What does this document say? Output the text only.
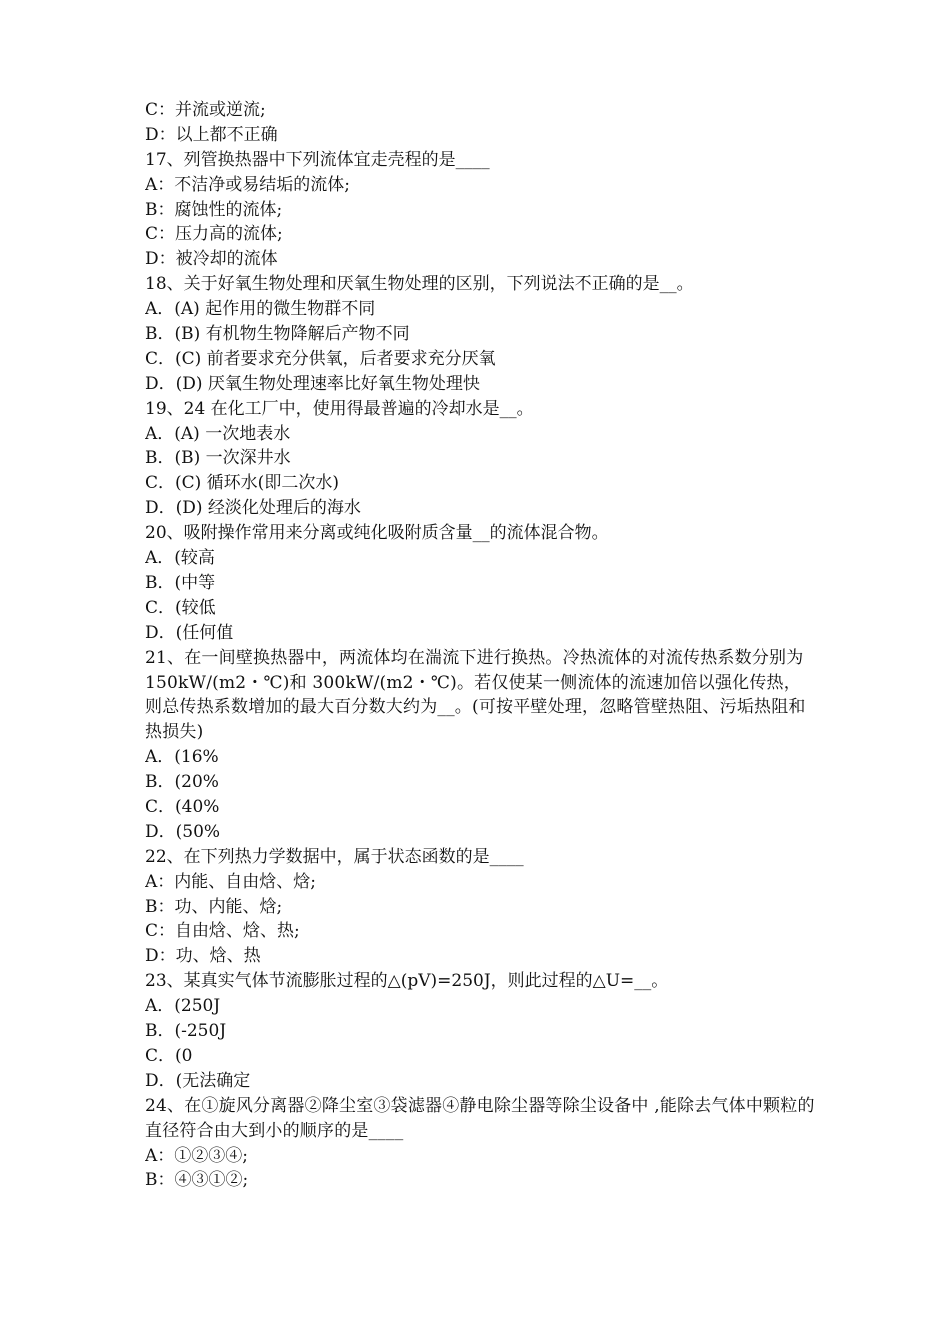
C：并流或逆流;
D：以上都不正确
17、列管换热器中下列流体宜走壳程的是____
A：不洁净或易结垢的流体;
B：腐蚀性的流体;
C：压力高的流体;
D：被冷却的流体
18、关于好氧生物处理和厌氧生物处理的区别，下列说法不正确的是__。
A．(A) 起作用的微生物群不同
B．(B) 有机物生物降解后产物不同
C．(C) 前者要求充分供氧，后者要求充分厌氧
D．(D) 厌氧生物处理速率比好氧生物处理快
19、24 在化工厂中，使用得最普遍的冷却水是__。
A．(A) 一次地表水
B．(B) 一次深井水
C．(C) 循环水(即二次水)
D．(D) 经淡化处理后的海水
20、吸附操作常用来分离或纯化吸附质含量__的流体混合物。
A．(较高
B．(中等
C．(较低
D．(任何值
21、在一间壁换热器中，两流体均在湍流下进行换热。冷热流体的对流传热系数分别为 150kW/(m2・℃)和 300kW/(m2・℃)。若仅使某一侧流体的流速加倍以强化传热，则总传热系数增加的最大百分数大约为__。(可按平壁处理，忽略管壁热阻、污垢热阻和热损失)
A．(16%
B．(20%
C．(40%
D．(50%
22、在下列热力学数据中，属于状态函数的是____
A：内能、自由焓、焓;
B：功、内能、焓;
C：自由焓、焓、热;
D：功、焓、热
23、某真实气体节流膨胀过程的△(pV)=250J，则此过程的△U=__。
A．(250J
B．(-250J
C．(0
D．(无法确定
24、在①旋风分离器②降尘室③袋滤器④静电除尘器等除尘设备中 ,能除去气体中颗粒的直径符合由大到小的顺序的是____
A：①②③④;
B：④③①②;
